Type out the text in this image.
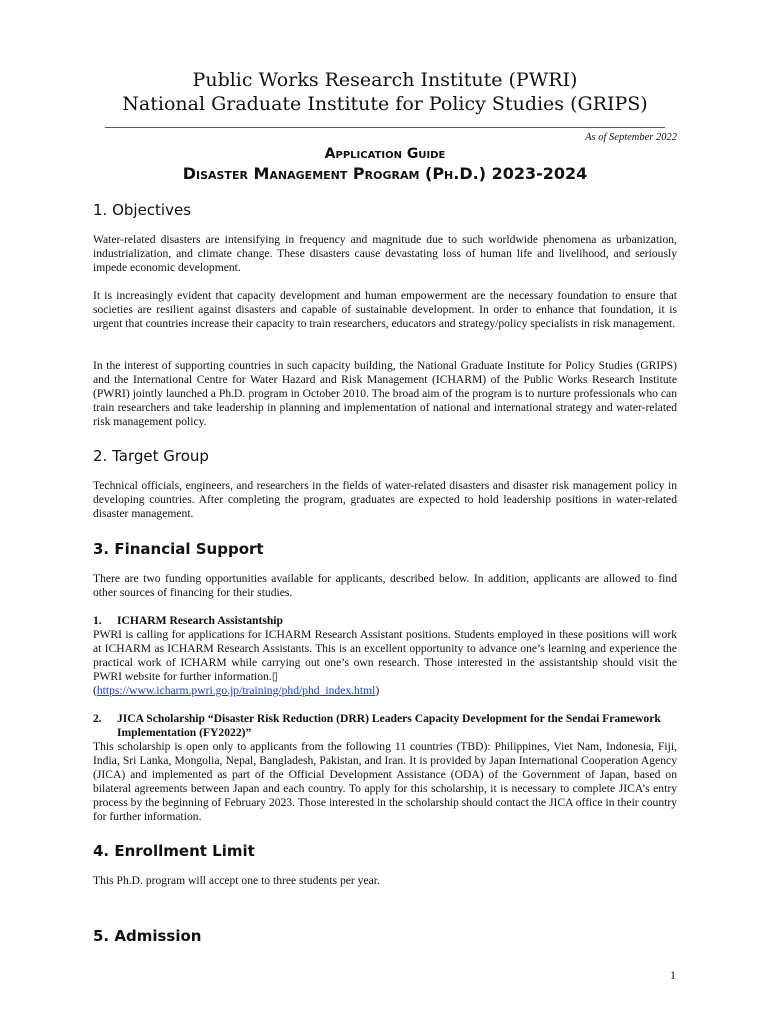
Public Works Research Institute (PWRI)
National Graduate Institute for Policy Studies (GRIPS)
As of September 2022
Application Guide
Disaster Management Program (Ph.D.) 2023-2024
1. Objectives

Water-related disasters are intensifying in frequency and magnitude due to such worldwide phenomena as urbanization, industrialization, and climate change. These disasters cause devastating loss of human life and livelihood, and seriously impede economic development.

It is increasingly evident that capacity development and human empowerment are the necessary foundation to ensure that societies are resilient against disasters and capable of sustainable development. In order to enhance that foundation, it is urgent that countries increase their capacity to train researchers, educators and strategy/policy specialists in risk management.

In the interest of supporting countries in such capacity building, the National Graduate Institute for Policy Studies (GRIPS) and the International Centre for Water Hazard and Risk Management (ICHARM) of the Public Works Research Institute (PWRI) jointly launched a Ph.D. program in October 2010. The broad aim of the program is to nurture professionals who can train researchers and take leadership in planning and implementation of national and international strategy and water-related risk management policy.

2. Target Group

Technical officials, engineers, and researchers in the fields of water-related disasters and disaster risk management policy in developing countries. After completing the program, graduates are expected to hold leadership positions in water-related disaster management.

3. Financial Support

There are two funding opportunities available for applicants, described below. In addition, applicants are allowed to find other sources of financing for their studies.

1.	ICHARM Research Assistantship
PWRI is calling for applications for ICHARM Research Assistant positions. Students employed in these positions will work at ICHARM as ICHARM Research Assistants. This is an excellent opportunity to advance one’s learning and experience the practical work of ICHARM while carrying out one’s own research. Those interested in the assistantship should visit the PWRI website for further information.▯
(https://www.icharm.pwri.go.jp/training/phd/phd_index.html)
2.	JICA Scholarship “Disaster Risk Reduction (DRR) Leaders Capacity Development for the Sendai Framework Implementation (FY2022)”

This scholarship is open only to applicants from the following 11 countries (TBD): Philippines, Viet Nam, Indonesia, Fiji, India, Sri Lanka, Mongolia, Nepal, Bangladesh, Pakistan, and Iran. It is provided by Japan International Cooperation Agency (JICA) and implemented as part of the Official Development Assistance (ODA) of the Government of Japan, based on bilateral agreements between Japan and each country. To apply for this scholarship, it is necessary to complete JICA’s entry process by the beginning of February 2023. Those interested in the scholarship should contact the JICA office in their country for further information.

4. Enrollment Limit

This Ph.D. program will accept one to three students per year.

5. Admission
1
